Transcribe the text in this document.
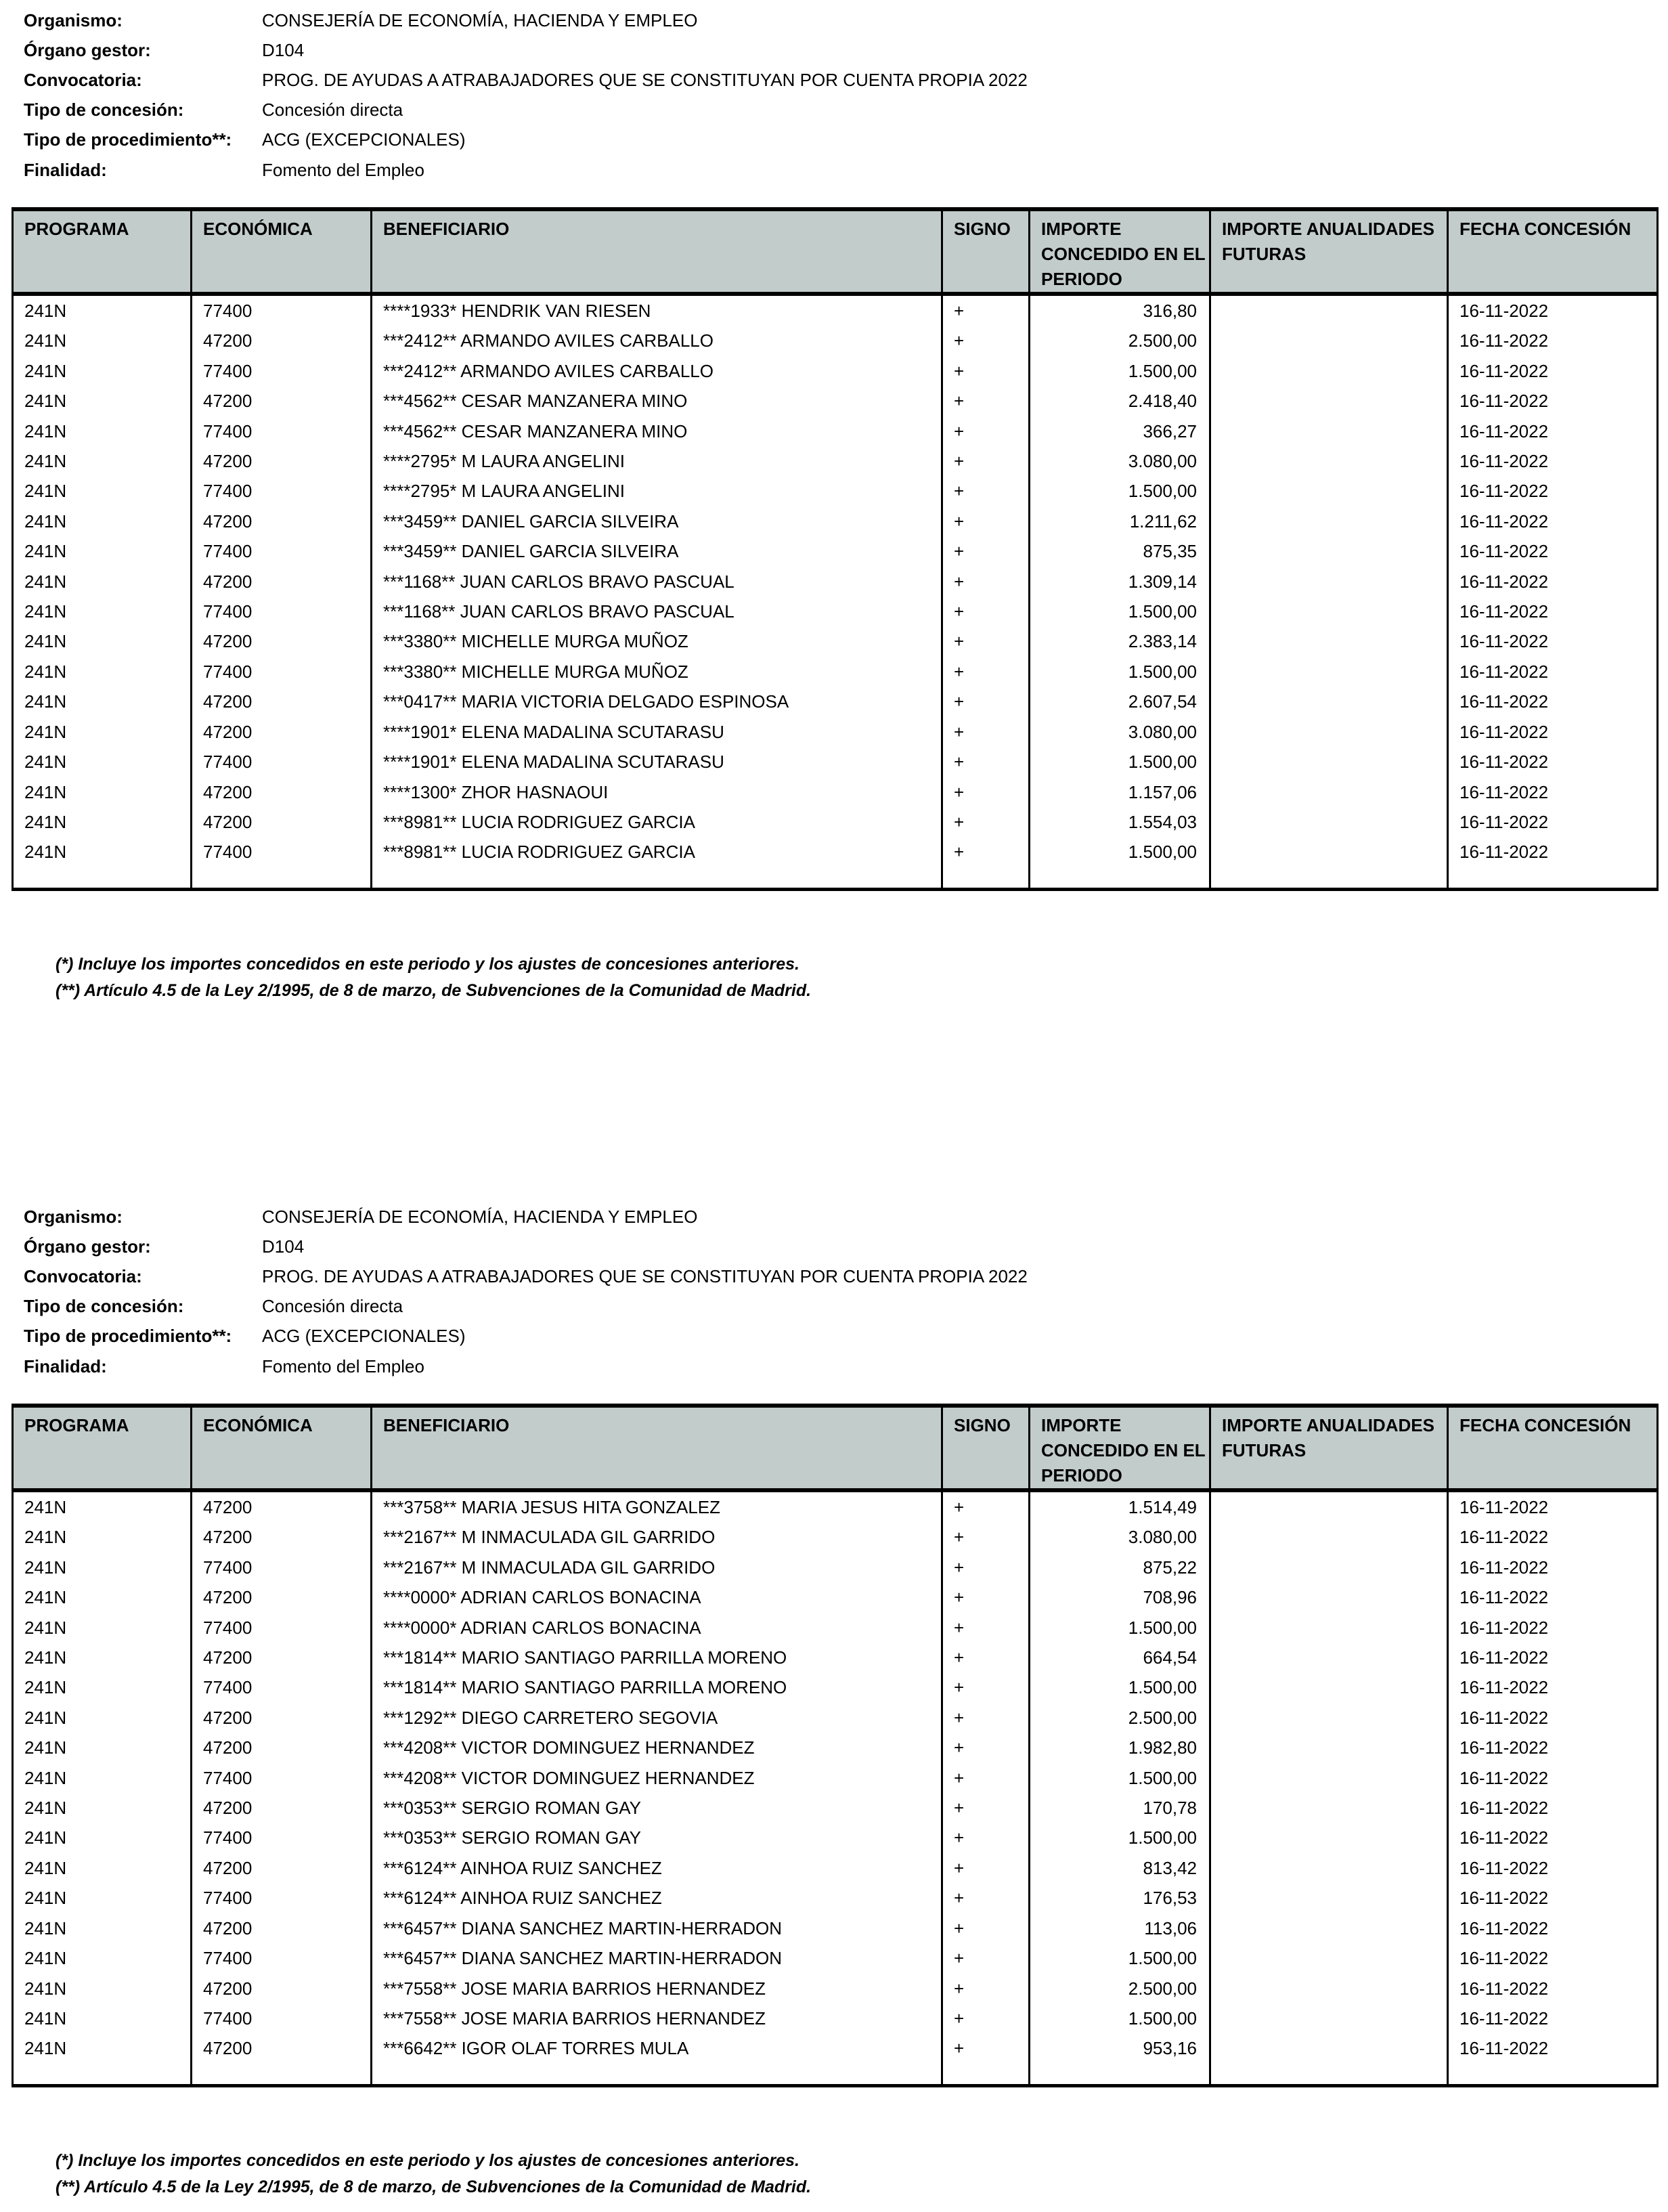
Organismo:	CONSEJERÍA DE ECONOMÍA, HACIENDA Y EMPLEO
Órgano gestor:	D104
Convocatoria:	PROG. DE AYUDAS A ATRABAJADORES QUE SE CONSTITUYAN POR CUENTA PROPIA 2022
Tipo de concesión:	Concesión directa
Tipo de procedimiento**:	ACG (EXCEPCIONALES)
Finalidad:	Fomento del Empleo
PROGRAMA	ECONÓMICA	BENEFICIARIO	SIGNO	IMPORTE CONCEDIDO EN EL PERIODO	IMPORTE ANUALIDADES FUTURAS	FECHA CONCESIÓN
241N	77400	****1933* HENDRIK VAN RIESEN	+	316,80		16-11-2022
241N	47200	***2412** ARMANDO AVILES CARBALLO	+	2.500,00		16-11-2022
241N	77400	***2412** ARMANDO AVILES CARBALLO	+	1.500,00		16-11-2022
241N	47200	***4562** CESAR MANZANERA MINO	+	2.418,40		16-11-2022
241N	77400	***4562** CESAR MANZANERA MINO	+	366,27		16-11-2022
241N	47200	****2795* M LAURA ANGELINI	+	3.080,00		16-11-2022
241N	77400	****2795* M LAURA ANGELINI	+	1.500,00		16-11-2022
241N	47200	***3459** DANIEL GARCIA SILVEIRA	+	1.211,62		16-11-2022
241N	77400	***3459** DANIEL GARCIA SILVEIRA	+	875,35		16-11-2022
241N	47200	***1168** JUAN CARLOS BRAVO PASCUAL	+	1.309,14		16-11-2022
241N	77400	***1168** JUAN CARLOS BRAVO PASCUAL	+	1.500,00		16-11-2022
241N	47200	***3380** MICHELLE MURGA MUÑOZ	+	2.383,14		16-11-2022
241N	77400	***3380** MICHELLE MURGA MUÑOZ	+	1.500,00		16-11-2022
241N	47200	***0417** MARIA VICTORIA DELGADO ESPINOSA	+	2.607,54		16-11-2022
241N	47200	****1901* ELENA MADALINA SCUTARASU	+	3.080,00		16-11-2022
241N	77400	****1901* ELENA MADALINA SCUTARASU	+	1.500,00		16-11-2022
241N	47200	****1300* ZHOR HASNAOUI	+	1.157,06		16-11-2022
241N	47200	***8981** LUCIA RODRIGUEZ GARCIA	+	1.554,03		16-11-2022
241N	77400	***8981** LUCIA RODRIGUEZ GARCIA	+	1.500,00		16-11-2022

(*) Incluye los importes concedidos en este periodo y los ajustes de concesiones anteriores.
(**) Artículo 4.5 de la Ley 2/1995, de 8 de marzo, de Subvenciones de la Comunidad de Madrid.
Organismo:	CONSEJERÍA DE ECONOMÍA, HACIENDA Y EMPLEO
Órgano gestor:	D104
Convocatoria:	PROG. DE AYUDAS A ATRABAJADORES QUE SE CONSTITUYAN POR CUENTA PROPIA 2022
Tipo de concesión:	Concesión directa
Tipo de procedimiento**:	ACG (EXCEPCIONALES)
Finalidad:	Fomento del Empleo
PROGRAMA	ECONÓMICA	BENEFICIARIO	SIGNO	IMPORTE CONCEDIDO EN EL PERIODO	IMPORTE ANUALIDADES FUTURAS	FECHA CONCESIÓN
241N	47200	***3758** MARIA JESUS HITA GONZALEZ	+	1.514,49		16-11-2022
241N	47200	***2167** M INMACULADA GIL GARRIDO	+	3.080,00		16-11-2022
241N	77400	***2167** M INMACULADA GIL GARRIDO	+	875,22		16-11-2022
241N	47200	****0000* ADRIAN CARLOS BONACINA	+	708,96		16-11-2022
241N	77400	****0000* ADRIAN CARLOS BONACINA	+	1.500,00		16-11-2022
241N	47200	***1814** MARIO SANTIAGO PARRILLA MORENO	+	664,54		16-11-2022
241N	77400	***1814** MARIO SANTIAGO PARRILLA MORENO	+	1.500,00		16-11-2022
241N	47200	***1292** DIEGO CARRETERO SEGOVIA	+	2.500,00		16-11-2022
241N	47200	***4208** VICTOR DOMINGUEZ HERNANDEZ	+	1.982,80		16-11-2022
241N	77400	***4208** VICTOR DOMINGUEZ HERNANDEZ	+	1.500,00		16-11-2022
241N	47200	***0353** SERGIO ROMAN GAY	+	170,78		16-11-2022
241N	77400	***0353** SERGIO ROMAN GAY	+	1.500,00		16-11-2022
241N	47200	***6124** AINHOA RUIZ SANCHEZ	+	813,42		16-11-2022
241N	77400	***6124** AINHOA RUIZ SANCHEZ	+	176,53		16-11-2022
241N	47200	***6457** DIANA SANCHEZ MARTIN-HERRADON	+	113,06		16-11-2022
241N	77400	***6457** DIANA SANCHEZ MARTIN-HERRADON	+	1.500,00		16-11-2022
241N	47200	***7558** JOSE MARIA BARRIOS HERNANDEZ	+	2.500,00		16-11-2022
241N	77400	***7558** JOSE MARIA BARRIOS HERNANDEZ	+	1.500,00		16-11-2022
241N	47200	***6642** IGOR OLAF TORRES MULA	+	953,16		16-11-2022

(*) Incluye los importes concedidos en este periodo y los ajustes de concesiones anteriores.
(**) Artículo 4.5 de la Ley 2/1995, de 8 de marzo, de Subvenciones de la Comunidad de Madrid.
